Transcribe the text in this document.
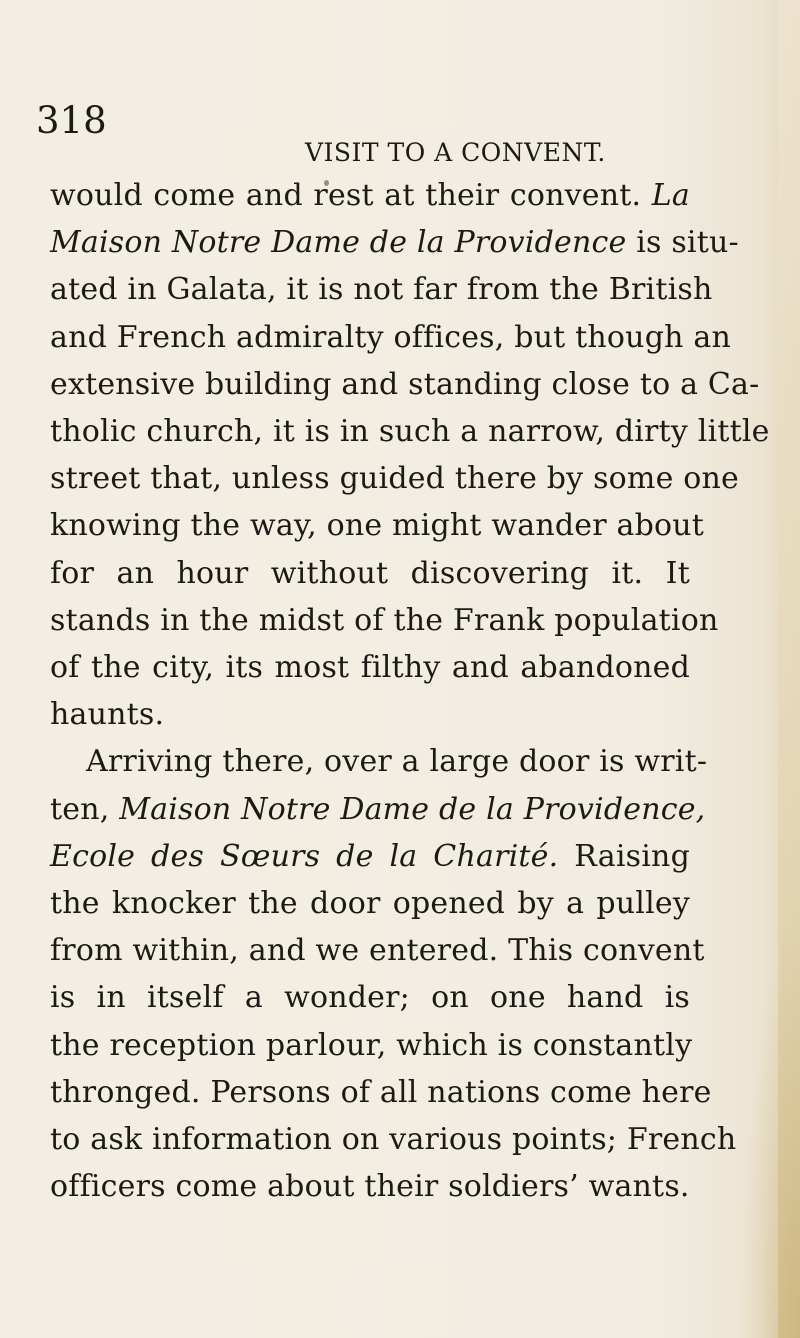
318
VISIT TO A CONVENT.
would come and rest at their convent. La
Maison Notre Dame de la Providence is situ-
ated in Galata, it is not far from the British
and French admiralty offices, but though an
extensive building and standing close to a Ca-
tholic church, it is in such a narrow, dirty little
street that, unless guided there by some one
knowing the way, one might wander about
for an hour without discovering it. It
stands in the midst of the Frank population
of the city, its most filthy and abandoned
haunts.
Arriving there, over a large door is writ-
ten, Maison Notre Dame de la Providence,
Ecole des Sœurs de la Charité. Raising
the knocker the door opened by a pulley
from within, and we entered. This convent
is in itself a wonder; on one hand is
the reception parlour, which is constantly
thronged. Persons of all nations come here
to ask information on various points; French
officers come about their soldiers’ wants.
